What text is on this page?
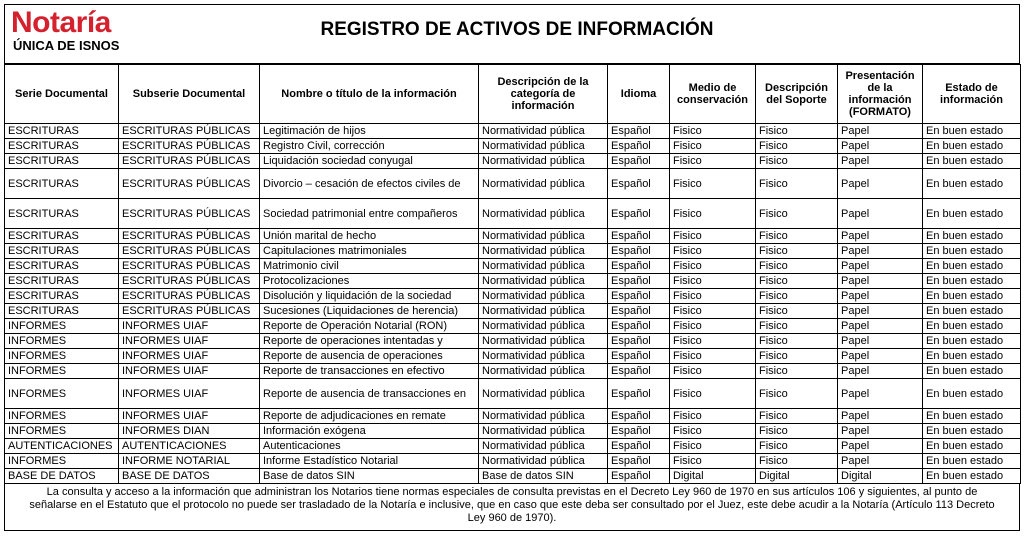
Notaría
ÚNICA DE ISNOS
REGISTRO DE ACTIVOS DE INFORMACIÓN
Serie Documental	Subserie Documental	Nombre o título de la información	Descripción de la categoría de información	Idioma	Medio de conservación	Descripción del Soporte	Presentación de la información (FORMATO)	Estado de información
ESCRITURAS	ESCRITURAS PÚBLICAS	Legitimación de hijos	Normatividad pública	Español	Fisico	Fisico	Papel	En buen estado
ESCRITURAS	ESCRITURAS PÚBLICAS	Registro Civil, corrección	Normatividad pública	Español	Fisico	Fisico	Papel	En buen estado
ESCRITURAS	ESCRITURAS PÚBLICAS	Liquidación sociedad conyugal	Normatividad pública	Español	Fisico	Fisico	Papel	En buen estado
ESCRITURAS	ESCRITURAS PÚBLICAS	Divorcio – cesación de efectos civiles de	Normatividad pública	Español	Fisico	Fisico	Papel	En buen estado
ESCRITURAS	ESCRITURAS PÚBLICAS	Sociedad patrimonial entre compañeros	Normatividad pública	Español	Fisico	Fisico	Papel	En buen estado
ESCRITURAS	ESCRITURAS PÚBLICAS	Unión marital de hecho	Normatividad pública	Español	Fisico	Fisico	Papel	En buen estado
ESCRITURAS	ESCRITURAS PÚBLICAS	Capitulaciones matrimoniales	Normatividad pública	Español	Fisico	Fisico	Papel	En buen estado
ESCRITURAS	ESCRITURAS PÚBLICAS	Matrimonio civil	Normatividad pública	Español	Fisico	Fisico	Papel	En buen estado
ESCRITURAS	ESCRITURAS PÚBLICAS	Protocolizaciones	Normatividad pública	Español	Fisico	Fisico	Papel	En buen estado
ESCRITURAS	ESCRITURAS PÚBLICAS	Disolución y liquidación de la sociedad	Normatividad pública	Español	Fisico	Fisico	Papel	En buen estado
ESCRITURAS	ESCRITURAS PÚBLICAS	Sucesiones (Liquidaciones de herencia)	Normatividad pública	Español	Fisico	Fisico	Papel	En buen estado
INFORMES	INFORMES UIAF	Reporte de Operación Notarial (RON)	Normatividad pública	Español	Fisico	Fisico	Papel	En buen estado
INFORMES	INFORMES UIAF	Reporte de operaciones intentadas y	Normatividad pública	Español	Fisico	Fisico	Papel	En buen estado
INFORMES	INFORMES UIAF	Reporte de ausencia de operaciones	Normatividad pública	Español	Fisico	Fisico	Papel	En buen estado
INFORMES	INFORMES UIAF	Reporte de transacciones en efectivo	Normatividad pública	Español	Fisico	Fisico	Papel	En buen estado
INFORMES	INFORMES UIAF	Reporte de ausencia de transacciones en	Normatividad pública	Español	Fisico	Fisico	Papel	En buen estado
INFORMES	INFORMES UIAF	Reporte de adjudicaciones en remate	Normatividad pública	Español	Fisico	Fisico	Papel	En buen estado
INFORMES	INFORMES DIAN	Información exógena	Normatividad pública	Español	Fisico	Fisico	Papel	En buen estado
AUTENTICACIONES	AUTENTICACIONES	Autenticaciones	Normatividad pública	Español	Fisico	Fisico	Papel	En buen estado
INFORMES	INFORME NOTARIAL	Informe Estadístico Notarial	Normatividad pública	Español	Fisico	Fisico	Papel	En buen estado
BASE DE DATOS	BASE DE DATOS	Base de datos SIN	Base de datos SIN	Español	Digital	Digital	Digital	En buen estado
La consulta y acceso a la información que administran los Notarios tiene normas especiales de consulta previstas en el Decreto Ley 960 de 1970 en sus artículos 106 y siguientes, al punto de señalarse en el Estatuto que el protocolo no puede ser trasladado de la Notaría e inclusive, que en caso que este deba ser consultado por el Juez, este debe acudir a la Notaría (Artículo 113 Decreto Ley 960 de 1970).
